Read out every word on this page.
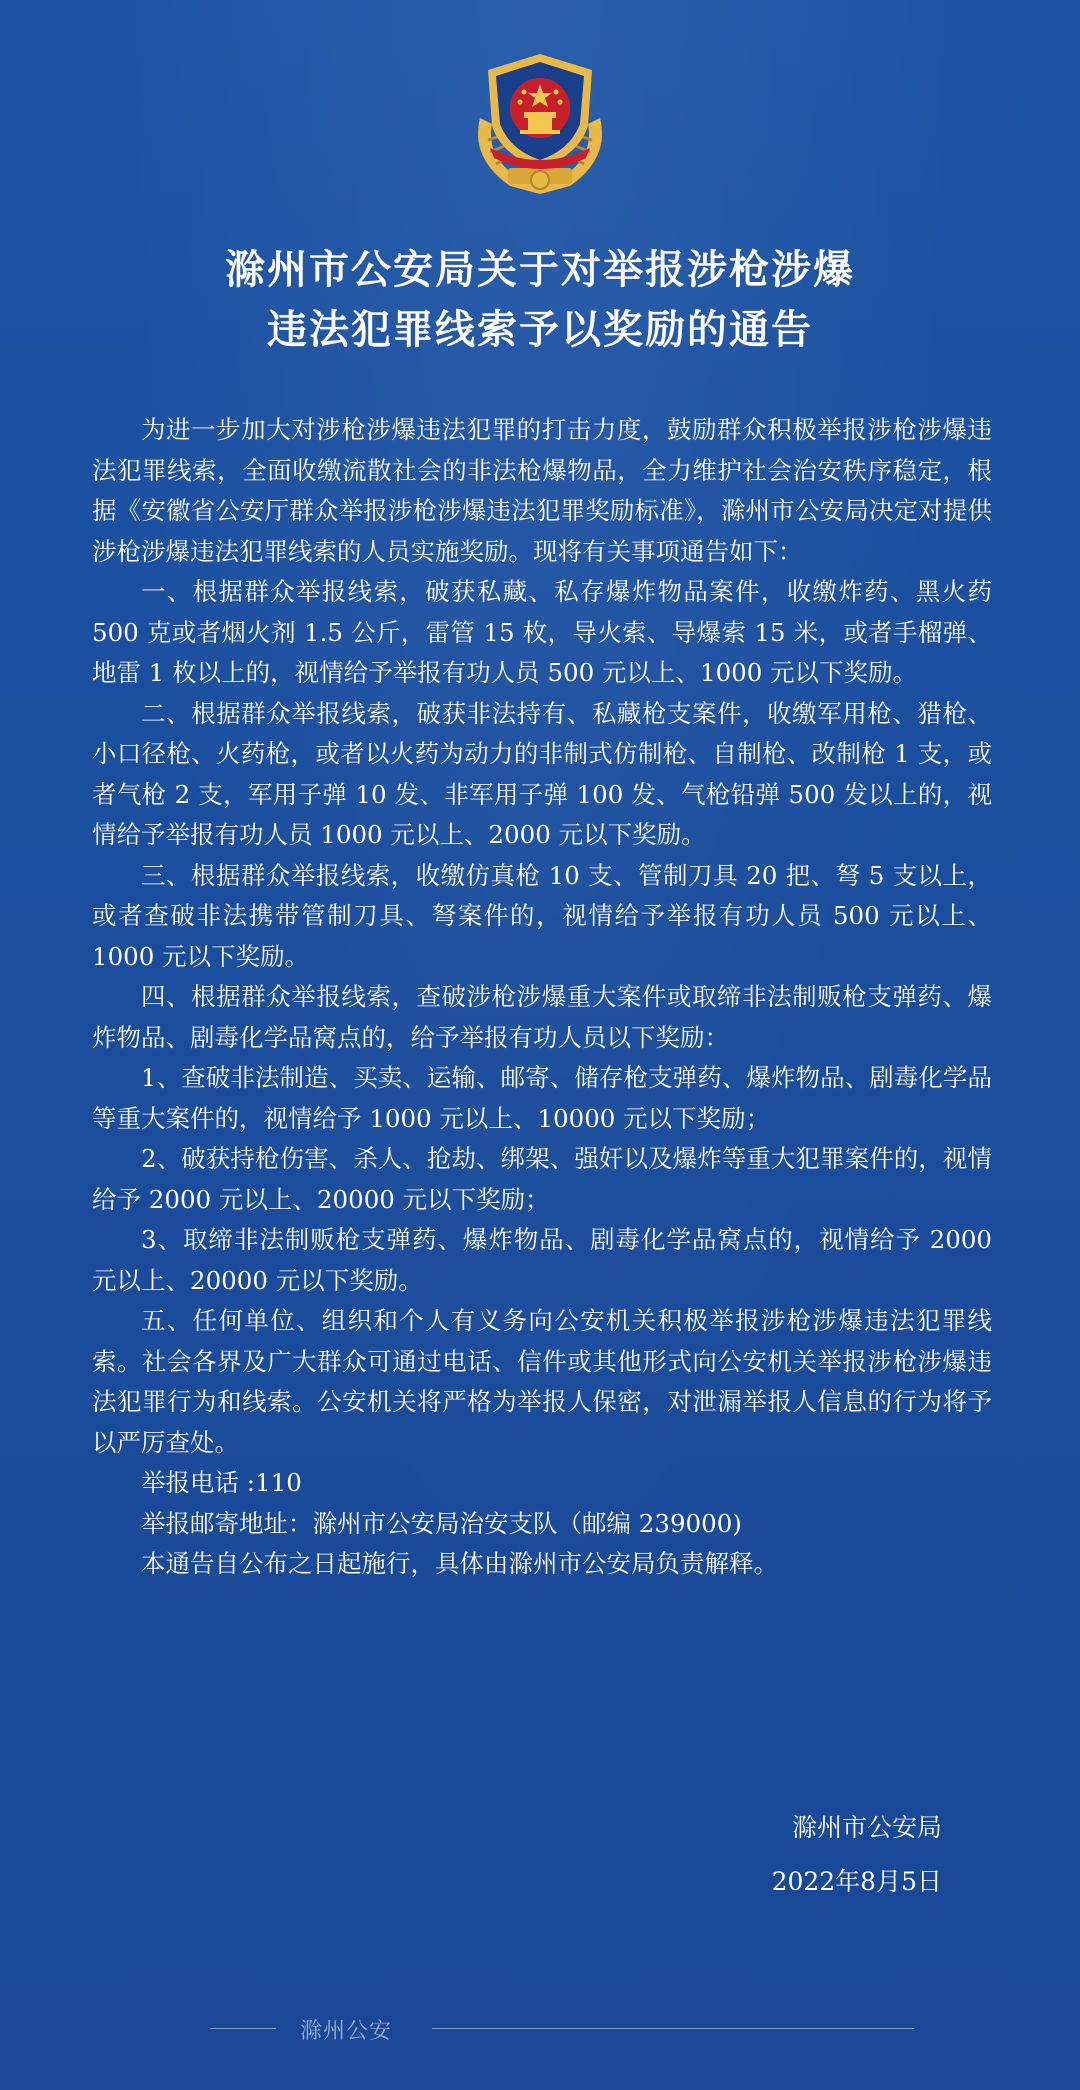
滁州市公安局关于对举报涉枪涉爆
违法犯罪线索予以奖励的通告

为进一步加大对涉枪涉爆违法犯罪的打击力度，鼓励群众积极举报涉枪涉爆违法犯罪线索，全面收缴流散社会的非法枪爆物品，全力维护社会治安秩序稳定，根据《安徽省公安厅群众举报涉枪涉爆违法犯罪奖励标准》，滁州市公安局决定对提供涉枪涉爆违法犯罪线索的人员实施奖励。现将有关事项通告如下：

一、根据群众举报线索，破获私藏、私存爆炸物品案件，收缴炸药、黑火药 500 克或者烟火剂 1.5 公斤，雷管 15 枚，导火索、导爆索 15 米，或者手榴弹、地雷 1 枚以上的，视情给予举报有功人员 500 元以上、1000 元以下奖励。

二、根据群众举报线索，破获非法持有、私藏枪支案件，收缴军用枪、猎枪、小口径枪、火药枪，或者以火药为动力的非制式仿制枪、自制枪、改制枪 1 支，或者气枪 2 支，军用子弹 10 发、非军用子弹 100 发、气枪铅弹 500 发以上的，视情给予举报有功人员 1000 元以上、2000 元以下奖励。

三、根据群众举报线索，收缴仿真枪 10 支、管制刀具 20 把、弩 5 支以上，或者查破非法携带管制刀具、弩案件的，视情给予举报有功人员 500 元以上、1000 元以下奖励。

四、根据群众举报线索，查破涉枪涉爆重大案件或取缔非法制贩枪支弹药、爆炸物品、剧毒化学品窝点的，给予举报有功人员以下奖励：

1、查破非法制造、买卖、运输、邮寄、储存枪支弹药、爆炸物品、剧毒化学品等重大案件的，视情给予 1000 元以上、10000 元以下奖励；

2、破获持枪伤害、杀人、抢劫、绑架、强奸以及爆炸等重大犯罪案件的，视情给予 2000 元以上、20000 元以下奖励；

3、取缔非法制贩枪支弹药、爆炸物品、剧毒化学品窝点的，视情给予 2000 元以上、20000 元以下奖励。

五、任何单位、组织和个人有义务向公安机关积极举报涉枪涉爆违法犯罪线索。社会各界及广大群众可通过电话、信件或其他形式向公安机关举报涉枪涉爆违法犯罪行为和线索。公安机关将严格为举报人保密，对泄漏举报人信息的行为将予以严厉查处。

举报电话 :110

举报邮寄地址：滁州市公安局治安支队（邮编 239000)

本通告自公布之日起施行，具体由滁州市公安局负责解释。

滁州市公安局
2022年8月5日
滁州公安
